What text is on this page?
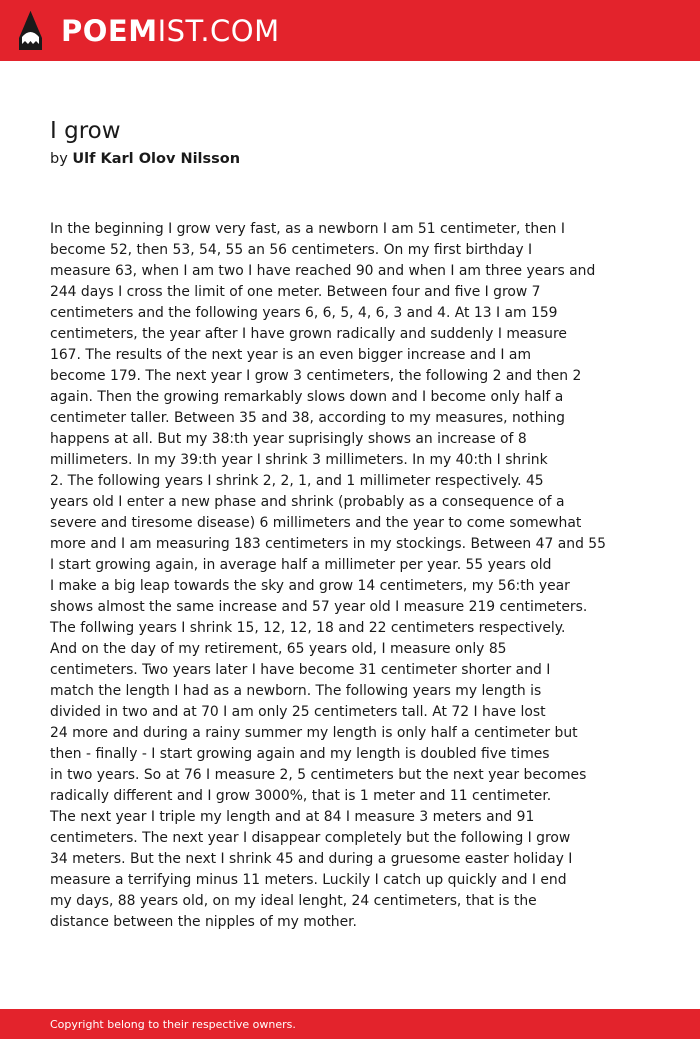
POEMIST.COM
I grow
by Ulf Karl Olov Nilsson
In the beginning I grow very fast, as a newborn I am 51 centimeter, then I
become 52, then 53, 54, 55 an 56 centimeters. On my first birthday I
measure 63, when I am two I have reached 90 and when I am three years and
244 days I cross the limit of one meter. Between four and five I grow 7
centimeters and the following years 6, 6, 5, 4, 6, 3 and 4. At 13 I am 159
centimeters, the year after I have grown radically and suddenly I measure
167. The results of the next year is an even bigger increase and I am
become 179. The next year I grow 3 centimeters, the following 2 and then 2
again. Then the growing remarkably slows down and I become only half a
centimeter taller. Between 35 and 38, according to my measures, nothing
happens at all. But my 38:th year suprisingly shows an increase of 8
millimeters. In my 39:th year I shrink 3 millimeters. In my 40:th I shrink
2. The following years I shrink 2, 2, 1, and 1 millimeter respectively. 45
years old I enter a new phase and shrink (probably as a consequence of a
severe and tiresome disease) 6 millimeters and the year to come somewhat
more and I am measuring 183 centimeters in my stockings. Between 47 and 55
I start growing again, in average half a millimeter per year. 55 years old
I make a big leap towards the sky and grow 14 centimeters, my 56:th year
shows almost the same increase and 57 year old I measure 219 centimeters.
The follwing years I shrink 15, 12, 12, 18 and 22 centimeters respectively.
And on the day of my retirement, 65 years old, I measure only 85
centimeters. Two years later I have become 31 centimeter shorter and I
match the length I had as a newborn. The following years my length is
divided in two and at 70 I am only 25 centimeters tall. At 72 I have lost
24 more and during a rainy summer my length is only half a centimeter but
then - finally - I start growing again and my length is doubled five times
in two years. So at 76 I measure 2, 5 centimeters but the next year becomes
radically different and I grow 3000%, that is 1 meter and 11 centimeter.
The next year I triple my length and at 84 I measure 3 meters and 91
centimeters. The next year I disappear completely but the following I grow
34 meters. But the next I shrink 45 and during a gruesome easter holiday I
measure a terrifying minus 11 meters. Luckily I catch up quickly and I end
my days, 88 years old, on my ideal lenght, 24 centimeters, that is the
distance between the nipples of my mother.
Copyright belong to their respective owners.
